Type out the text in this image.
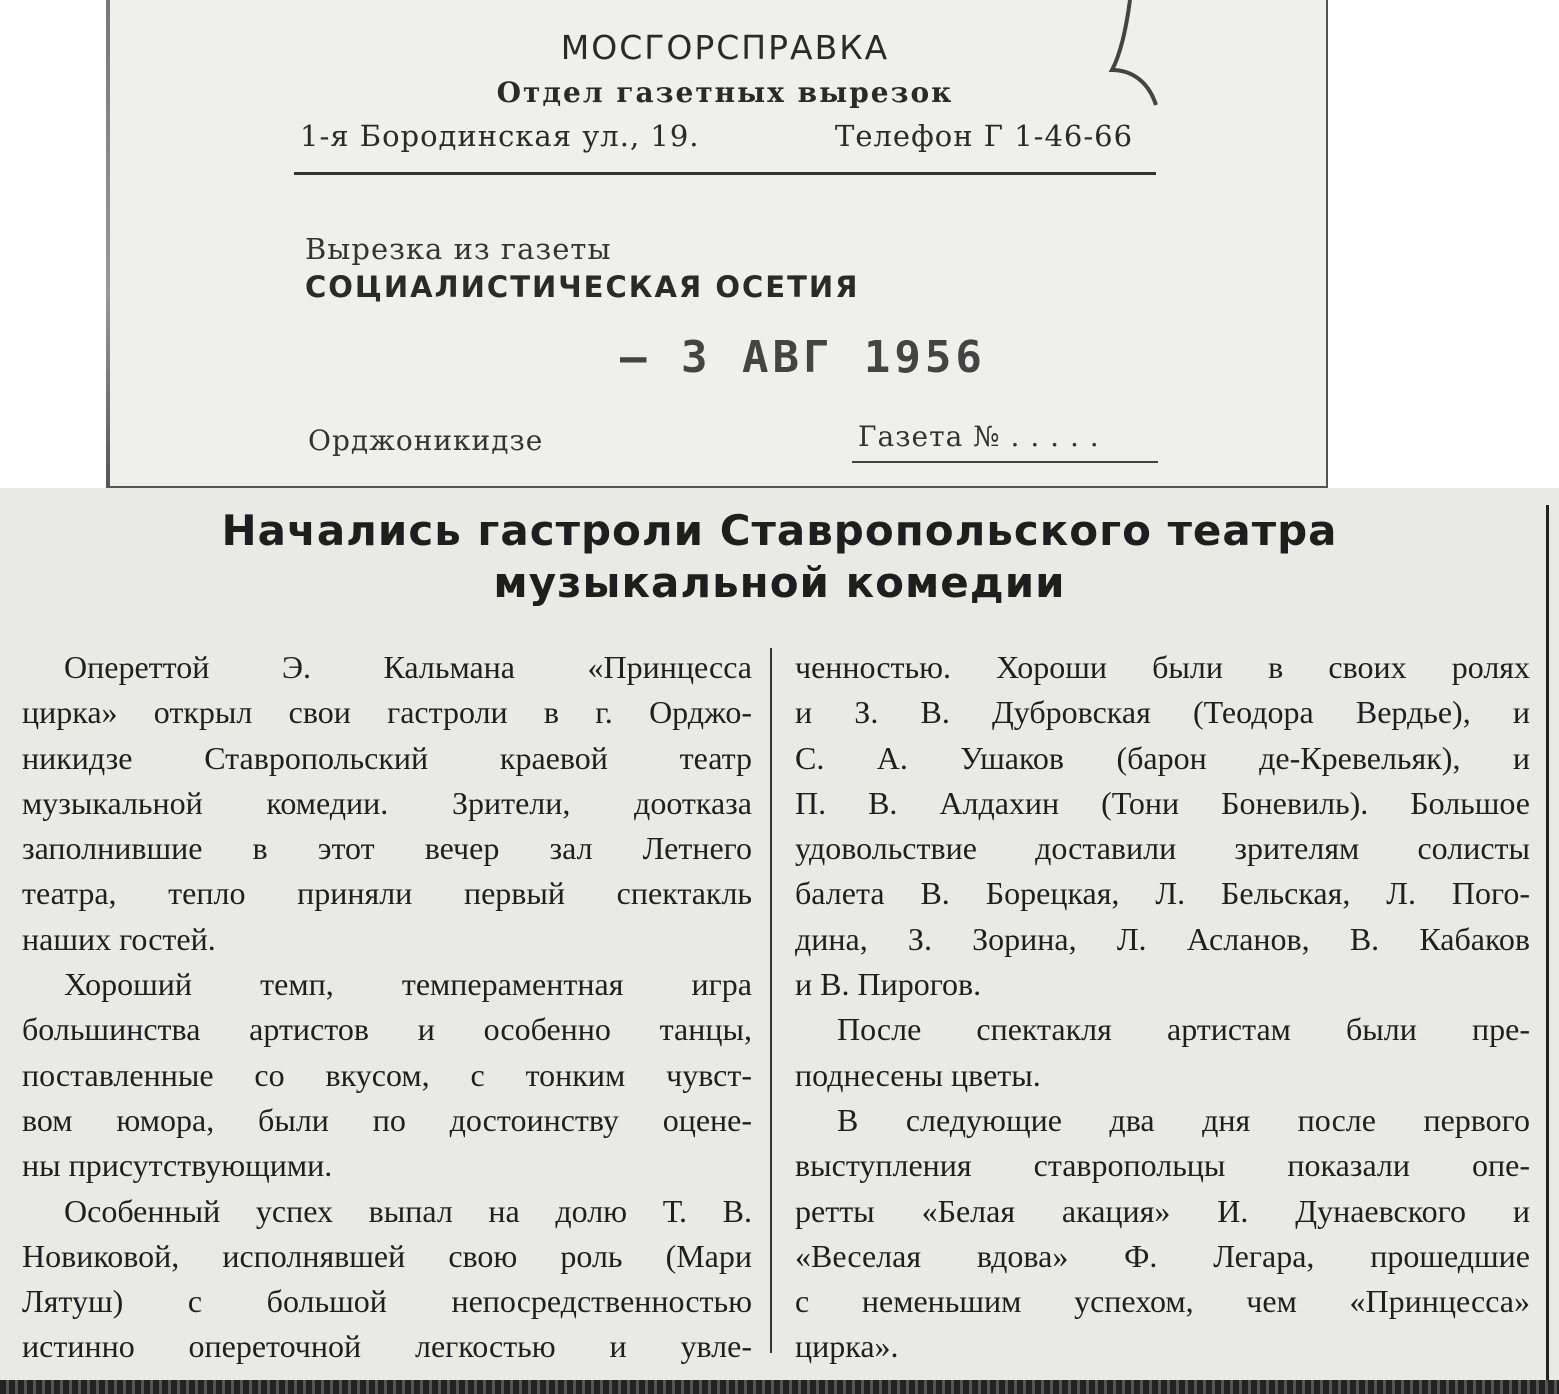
МОСГОРСПРАВКА
Отдел газетных вырезок
1-я Бородинская ул., 19.	Телефон Г 1-46-66
Вырезка из газеты
СОЦИАЛИСТИЧЕСКАЯ ОСЕТИЯ
— 3 АВГ 1956
Орджоникидзе	Газета № . . . . .
Начались гастроли Ставропольского театра
музыкальной комедии
Опереттой Э. Кальмана «Принцесса
цирка» открыл свои гастроли в г. Орджо-
никидзе Ставропольский краевой театр
музыкальной комедии. Зрители, доотказа
заполнившие в этот вечер зал Летнего
театра, тепло приняли первый спектакль
наших гостей.
Хороший темп, темпераментная игра
большинства артистов и особенно танцы,
поставленные со вкусом, с тонким чувст-
вом юмора, были по достоинству оцене-
ны присутствующими.
Особенный успех выпал на долю Т. В.
Новиковой, исполнявшей свою роль (Мари
Лятуш) с большой непосредственностью
истинно опереточной легкостью и увле-
ченностью. Хороши были в своих ролях
и З. В. Дубровская (Теодора Вердье), и
С. А. Ушаков (барон де-Кревельяк), и
П. В. Алдахин (Тони Боневиль). Большое
удовольствие доставили зрителям солисты
балета В. Борецкая, Л. Бельская, Л. Пого-
дина, З. Зорина, Л. Асланов, В. Кабаков
и В. Пирогов.
После спектакля артистам были пре-
поднесены цветы.
В следующие два дня после первого
выступления ставропольцы показали опе-
ретты «Белая акация» И. Дунаевского и
«Веселая вдова» Ф. Легара, прошедшие
с неменьшим успехом, чем «Принцесса»
цирка».
